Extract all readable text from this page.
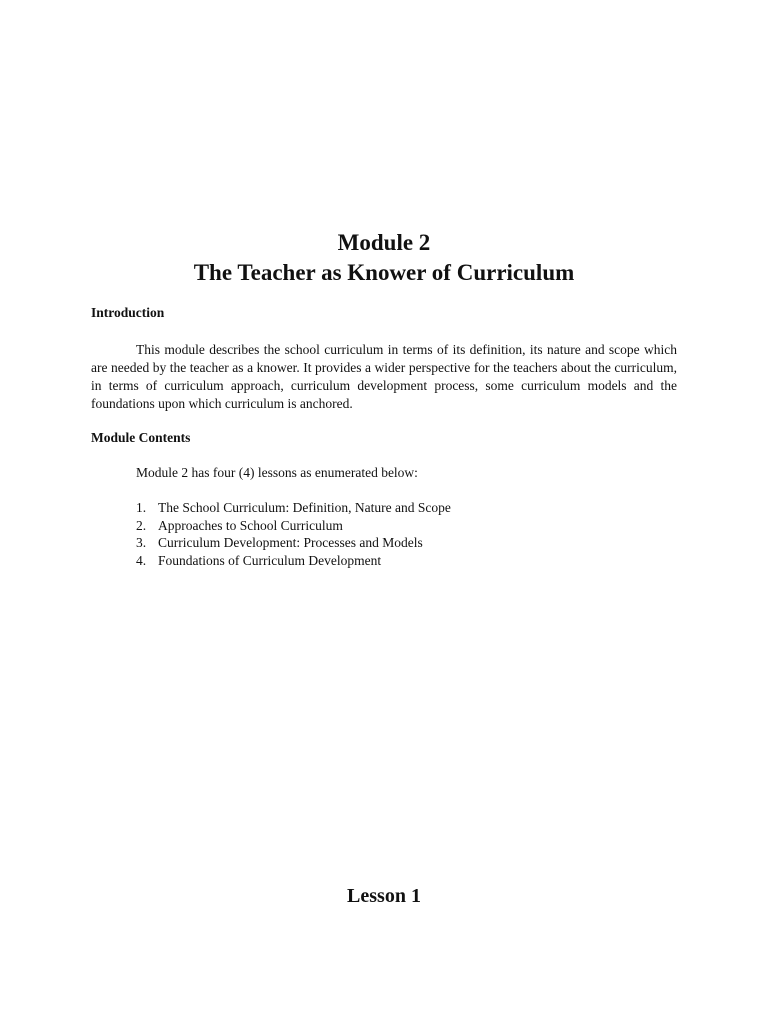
Module 2

The Teacher as Knower of Curriculum

Introduction

This module describes the school curriculum in terms of its definition, its nature and scope which are needed by the teacher as a knower. It provides a wider perspective for the teachers about the curriculum, in terms of curriculum approach, curriculum development process, some curriculum models and the foundations upon which curriculum is anchored.

Module Contents

Module 2 has four (4) lessons as enumerated below:

1. The School Curriculum: Definition, Nature and Scope
2. Approaches to School Curriculum
3. Curriculum Development: Processes and Models
4. Foundations of Curriculum Development

Lesson 1
